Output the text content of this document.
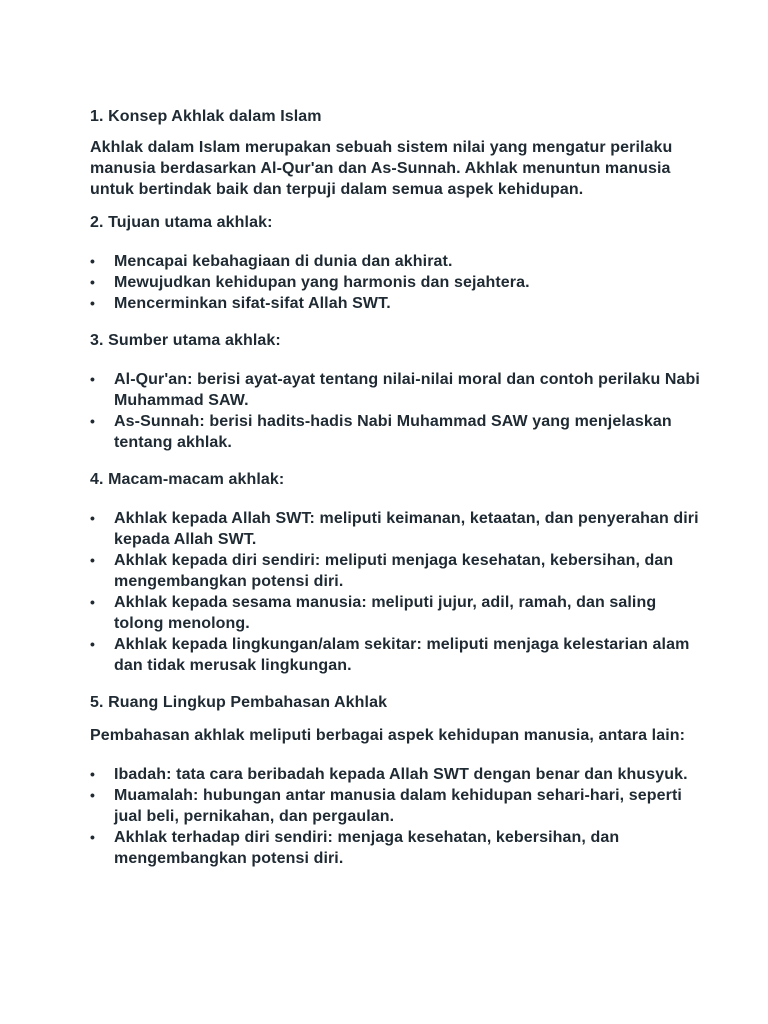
1. Konsep Akhlak dalam Islam

Akhlak dalam Islam merupakan sebuah sistem nilai yang mengatur perilaku manusia berdasarkan Al-Qur'an dan As-Sunnah. Akhlak menuntun manusia untuk bertindak baik dan terpuji dalam semua aspek kehidupan.

2. Tujuan utama akhlak:

• Mencapai kebahagiaan di dunia dan akhirat.
• Mewujudkan kehidupan yang harmonis dan sejahtera.
• Mencerminkan sifat-sifat Allah SWT.

3. Sumber utama akhlak:

• Al-Qur'an: berisi ayat-ayat tentang nilai-nilai moral dan contoh perilaku Nabi Muhammad SAW.
• As-Sunnah: berisi hadits-hadis Nabi Muhammad SAW yang menjelaskan tentang akhlak.

4. Macam-macam akhlak:

• Akhlak kepada Allah SWT: meliputi keimanan, ketaatan, dan penyerahan diri kepada Allah SWT.
• Akhlak kepada diri sendiri: meliputi menjaga kesehatan, kebersihan, dan mengembangkan potensi diri.
• Akhlak kepada sesama manusia: meliputi jujur, adil, ramah, dan saling tolong menolong.
• Akhlak kepada lingkungan/alam sekitar: meliputi menjaga kelestarian alam dan tidak merusak lingkungan.

5. Ruang Lingkup Pembahasan Akhlak

Pembahasan akhlak meliputi berbagai aspek kehidupan manusia, antara lain:

• Ibadah: tata cara beribadah kepada Allah SWT dengan benar dan khusyuk.
• Muamalah: hubungan antar manusia dalam kehidupan sehari-hari, seperti jual beli, pernikahan, dan pergaulan.
• Akhlak terhadap diri sendiri: menjaga kesehatan, kebersihan, dan mengembangkan potensi diri.
